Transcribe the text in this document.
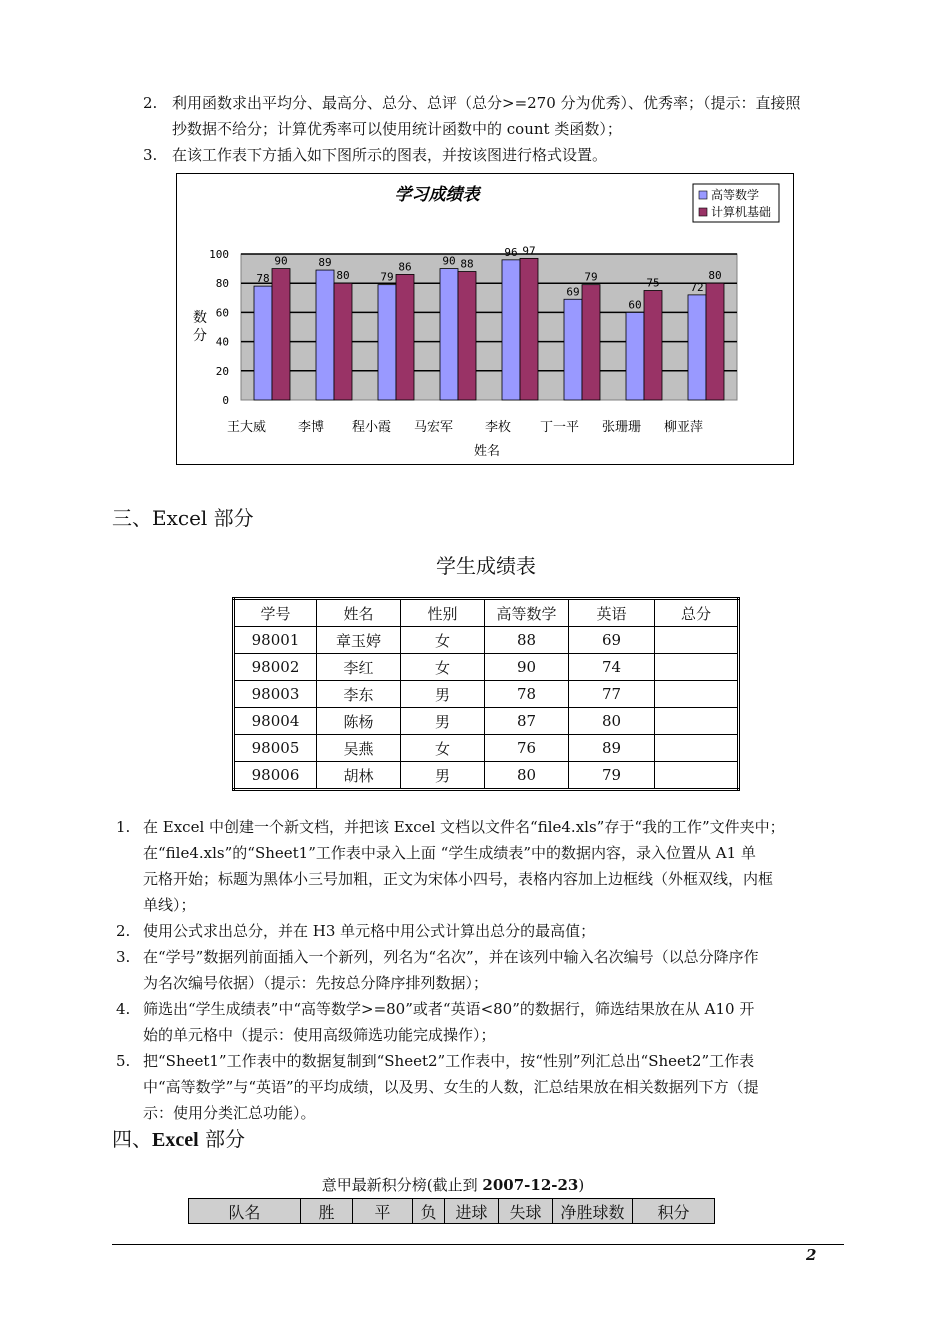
2. 利用函数求出平均分、最高分、总分、总评（总分>=270 分为优秀）、优秀率；（提示：直接照
抄数据不给分；计算优秀率可以使用统计函数中的 count 类函数）；
3. 在该工作表下方插入如下图所示的图表，并按该图进行格式设置。
0
20
40
60
80
100
78
90	89
80	79
86	90 88
96 97
69
79
60
75	72
80
王大威 李博 程小霞 马宏军 李枚 丁一平 张珊珊 柳亚萍
姓名
数
分
学习成绩表	高等数学
计算机基础
三、Excel 部分
学生成绩表
学号	姓名	性别	高等数学	英语	总分
98001	章玉婷	女	88	69	
98002	李红	女	90	74	
98003	李东	男	78	77	
98004	陈杨	男	87	80	
98005	吴燕	女	76	89	
98006	胡林	男	80	79	
1. 在 Excel 中创建一个新文档，并把该 Excel 文档以文件名“file4.xls”存于“我的工作”文件夹中；
在“file4.xls”的“Sheet1”工作表中录入上面 “学生成绩表”中的数据内容，录入位置从 A1 单
元格开始；标题为黑体小三号加粗，正文为宋体小四号，表格内容加上边框线（外框双线，内框
单线）；
2. 使用公式求出总分，并在 H3 单元格中用公式计算出总分的最高值；
3. 在“学号”数据列前面插入一个新列，列名为“名次”，并在该列中输入名次编号（以总分降序作
为名次编号依据）（提示：先按总分降序排列数据）；
4. 筛选出“学生成绩表”中“高等数学>=80”或者“英语<80”的数据行，筛选结果放在从 A10 开
始的单元格中（提示：使用高级筛选功能完成操作）；
5. 把“Sheet1”工作表中的数据复制到“Sheet2”工作表中，按“性别”列汇总出“Sheet2”工作表
中“高等数学”与“英语”的平均成绩，以及男、女生的人数，汇总结果放在相关数据列下方（提
示：使用分类汇总功能）。
四、Excel 部分
意甲最新积分榜(截止到 2007-12-23)
队名	胜	平	负	进球	失球	净胜球数	积分
2
